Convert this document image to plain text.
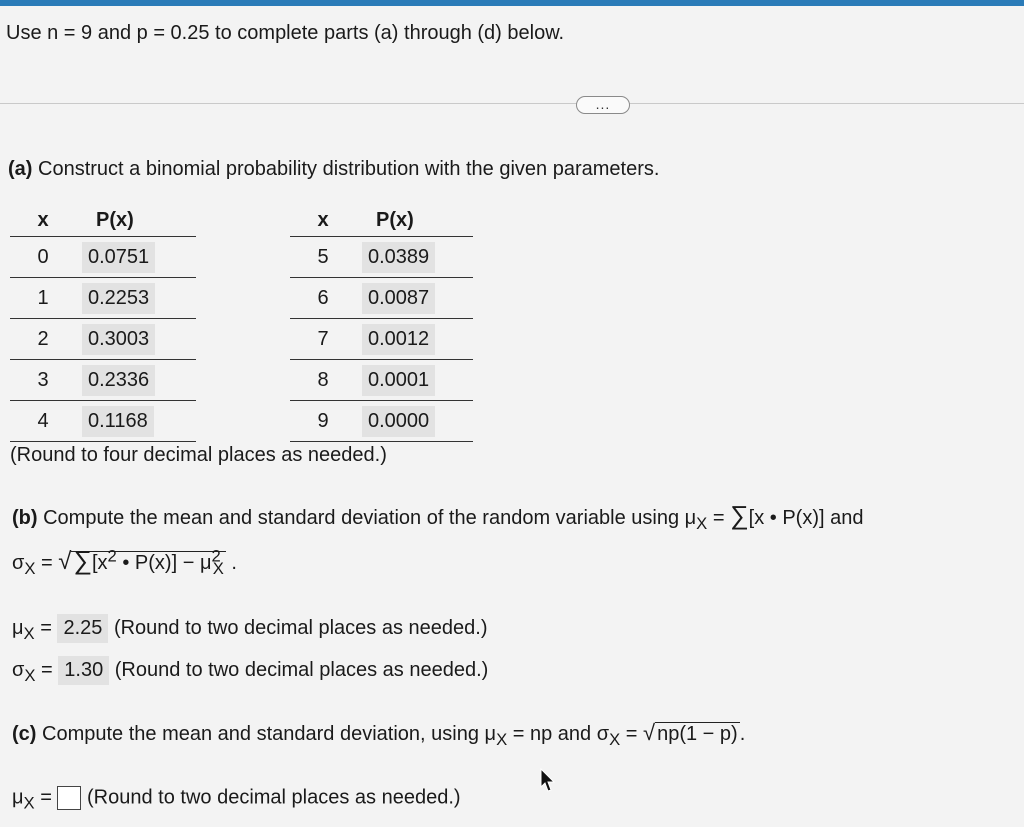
Use n = 9 and p = 0.25 to complete parts (a) through (d) below.
...
(a) Construct a binomial probability distribution with the given parameters.
x	P(x)
0	0.0751
1	0.2253
2	0.3003
3	0.2336
4	0.1168
x	P(x)
5	0.0389
6	0.0087
7	0.0012
8	0.0001
9	0.0000
(Round to four decimal places as needed.)
(b) Compute the mean and standard deviation of the random variable using $\mu_X = \sum[x$ • P(x)] and
$\sigma_X = √\sum[x^2$ • $P(x)] - \mu^2_X$ .
$\mu_X = 2.25$ (Round to two decimal places as needed.)
$\sigma_X = 1.30$ (Round to two decimal places as needed.)
(c) Compute the mean and standard deviation, using $\mu_X$ = np and $\sigma_X$ = √ np(1 − p) .
$\mu_X$ =  (Round to two decimal places as needed.)
